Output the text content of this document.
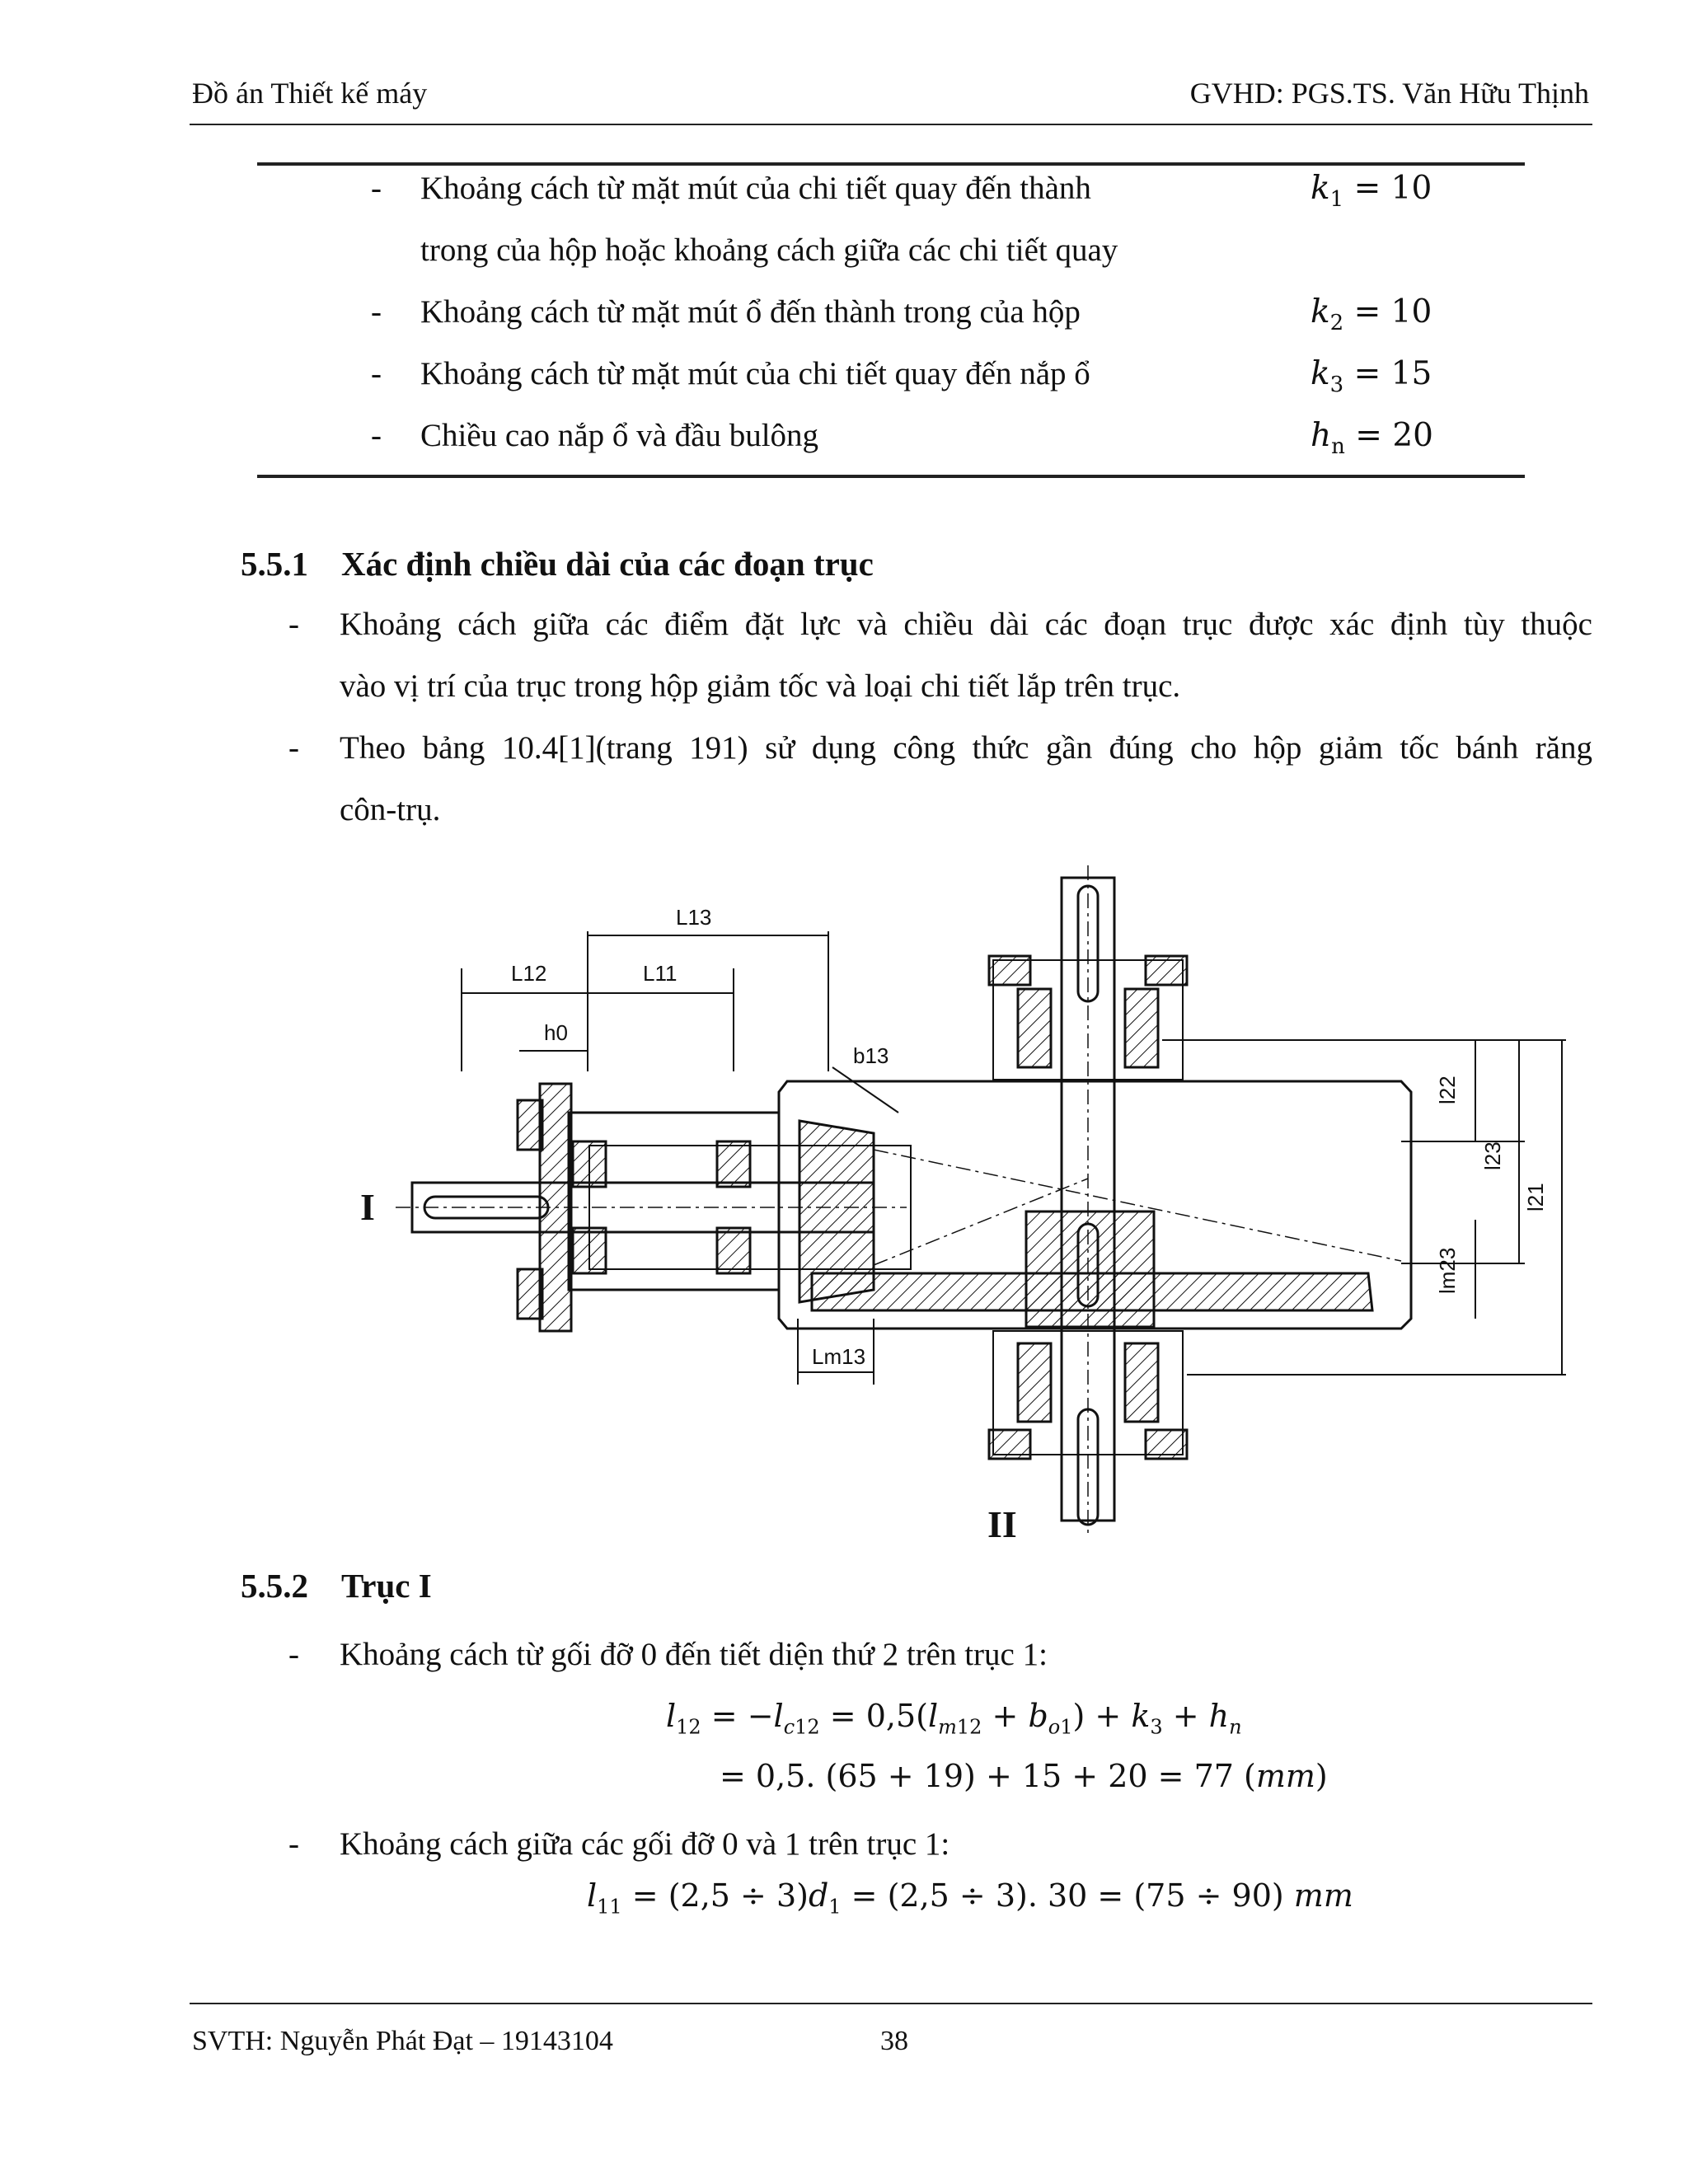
Đồ án Thiết kế máy	GVHD: PGS.TS. Văn Hữu Thịnh
- Khoảng cách từ mặt mút của chi tiết quay đến thành	$k_1 = 10$
trong của hộp hoặc khoảng cách giữa các chi tiết quay
- Khoảng cách từ mặt mút ổ đến thành trong của hộp	$k_2 = 10$
- Khoảng cách từ mặt mút của chi tiết quay đến nắp ổ	$k_3 = 15$
- Chiều cao nắp ổ và đầu bulông	$h_n = 20$
5.5.1 Xác định chiều dài của các đoạn trục
- Khoảng cách giữa các điểm đặt lực và chiều dài các đoạn trục được xác định tùy thuộc
vào vị trí của trục trong hộp giảm tốc và loại chi tiết lắp trên trục.
- Theo bảng 10.4[1](trang 191) sử dụng công thức gần đúng cho hộp giảm tốc bánh răng
côn-trụ.
L13
L12	L11
h0
b13
Lm13
l22
l23
l21
lm23
I
II
5.5.2 Trục I
- Khoảng cách từ gối đỡ 0 đến tiết diện thứ 2 trên trục 1:
$l_{12} = -l_{c12} = 0,5(l_{m12} + b_{o1}) + k_3 + h_n$
= 0,5. (65 + 19) + 15 + 20 = 77 (mm)
- Khoảng cách giữa các gối đỡ 0 và 1 trên trục 1:
$l_{11} = (2,5 \div 3)d_1 = (2,5 \div 3)$. 30 = (75 ÷ 90) mm
SVTH: Nguyễn Phát Đạt – 19143104	38
